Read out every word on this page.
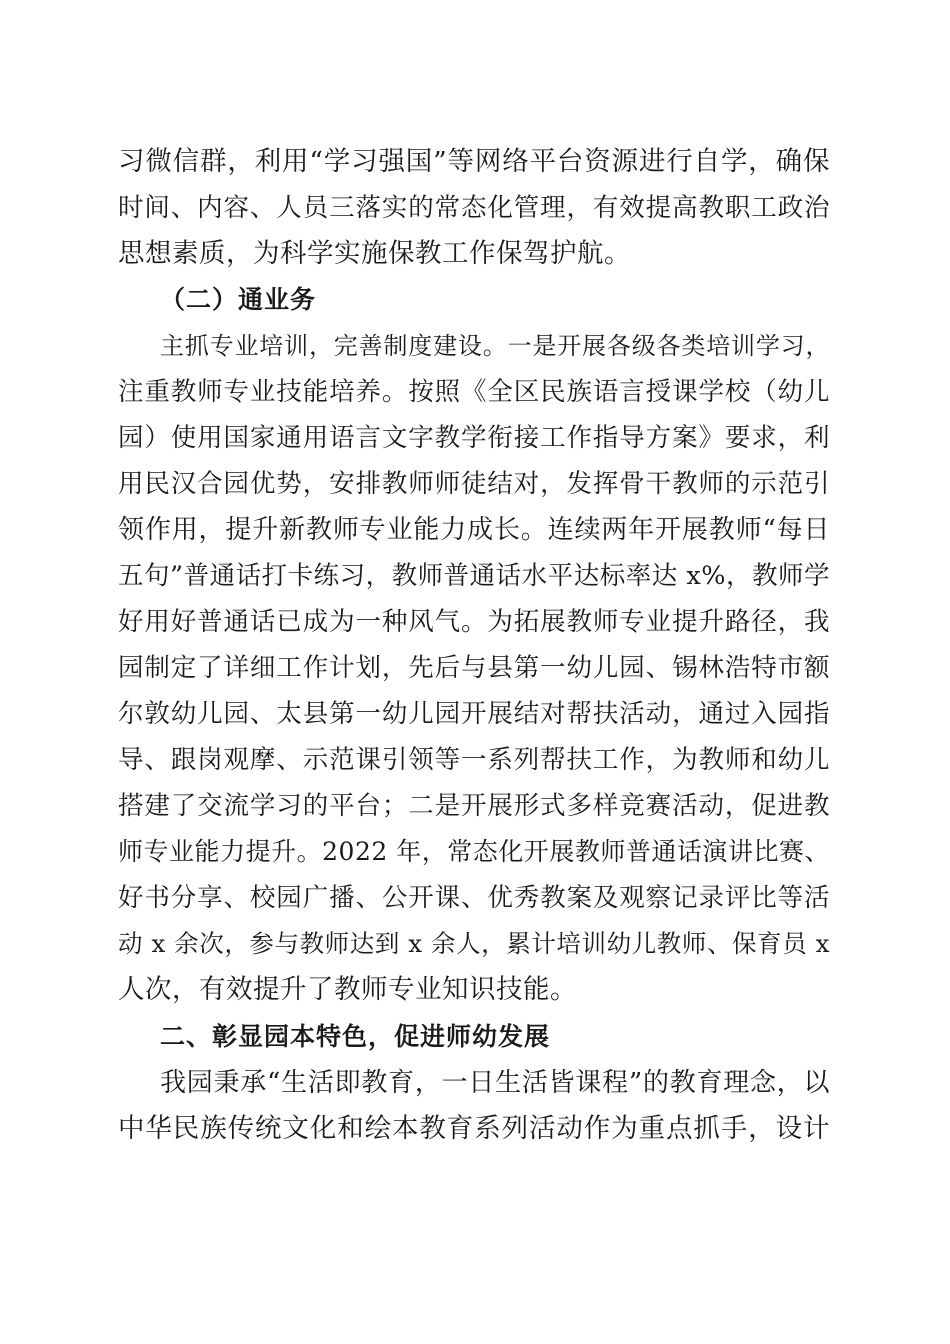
习微信群，利用“学习强国”等网络平台资源进行自学，确保
时间、内容、人员三落实的常态化管理，有效提高教职工政治
思想素质，为科学实施保教工作保驾护航。
（二）通业务
主抓专业培训，完善制度建设。一是开展各级各类培训学习，
注重教师专业技能培养。按照《全区民族语言授课学校（幼儿
园）使用国家通用语言文字教学衔接工作指导方案》要求，利
用民汉合园优势，安排教师师徒结对，发挥骨干教师的示范引
领作用，提升新教师专业能力成长。连续两年开展教师“每日
五句”普通话打卡练习，教师普通话水平达标率达 x%，教师学
好用好普通话已成为一种风气。为拓展教师专业提升路径，我
园制定了详细工作计划，先后与县第一幼儿园、锡林浩特市额
尔敦幼儿园、太县第一幼儿园开展结对帮扶活动，通过入园指
导、跟岗观摩、示范课引领等一系列帮扶工作，为教师和幼儿
搭建了交流学习的平台；二是开展形式多样竞赛活动，促进教
师专业能力提升。2022 年，常态化开展教师普通话演讲比赛、
好书分享、校园广播、公开课、优秀教案及观察记录评比等活
动 x 余次，参与教师达到 x 余人，累计培训幼儿教师、保育员 x
人次，有效提升了教师专业知识技能。
二、彰显园本特色，促进师幼发展
我园秉承“生活即教育，一日生活皆课程”的教育理念，以
中华民族传统文化和绘本教育系列活动作为重点抓手，设计
